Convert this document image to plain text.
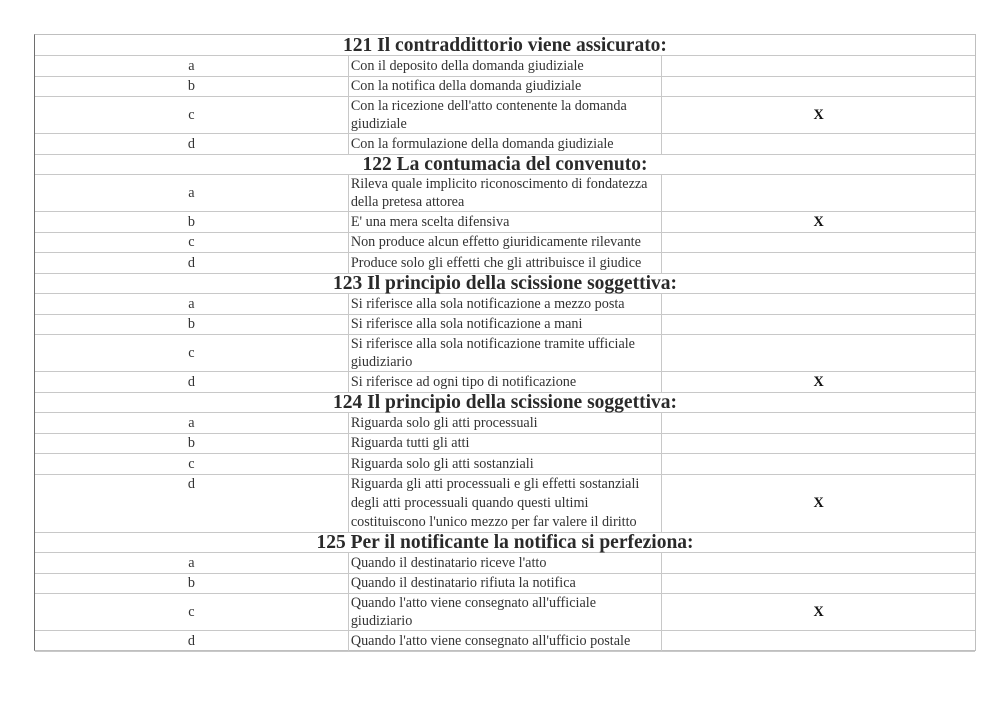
121 Il contraddittorio viene assicurato:		
a	Con il deposito della domanda giudiziale	
b	Con la notifica della domanda giudiziale	
c	Con la ricezione dell'atto contenente la domanda giudiziale	X
d	Con la formulazione della domanda giudiziale	
122 La contumacia del convenuto:		
a	Rileva quale implicito riconoscimento di fondatezza della pretesa attorea	
b	E' una mera scelta difensiva	X
c	Non produce alcun effetto giuridicamente rilevante	
d	Produce solo gli effetti che gli attribuisce il giudice	
123 Il principio della scissione soggettiva:		
a	Si riferisce alla sola notificazione a mezzo posta	
b	Si riferisce alla sola notificazione a mani	
c	Si riferisce alla sola notificazione tramite ufficiale giudiziario	
d	Si riferisce ad ogni tipo di notificazione	X
124 Il principio della scissione soggettiva:		
a	Riguarda solo gli atti processuali	
b	Riguarda tutti gli atti	
c	Riguarda solo gli atti sostanziali	
d	Riguarda gli atti processuali e gli effetti sostanziali degli atti processuali quando questi ultimi costituiscono l'unico mezzo per far valere il diritto	X
125 Per il notificante la notifica si perfeziona:		
a	Quando il destinatario riceve l'atto	
b	Quando il destinatario rifiuta la notifica	
c	Quando l'atto viene consegnato all'ufficiale giudiziario	X
d	Quando l'atto viene consegnato all'ufficio postale	
